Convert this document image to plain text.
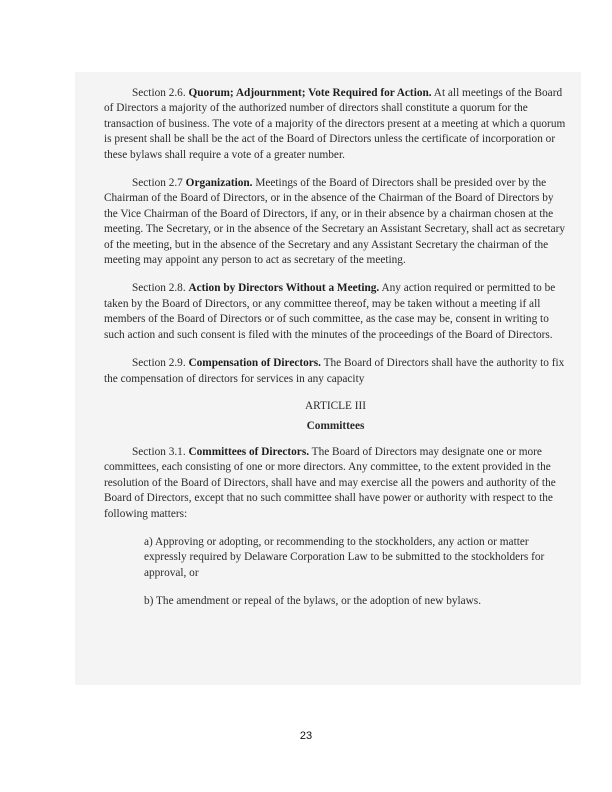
Section 2.6. Quorum; Adjournment; Vote Required for Action. At all meetings of the Board of Directors a majority of the authorized number of directors shall constitute a quorum for the transaction of business. The vote of a majority of the directors present at a meeting at which a quorum is present shall be shall be the act of the Board of Directors unless the certificate of incorporation or these bylaws shall require a vote of a greater number.

Section 2.7 Organization. Meetings of the Board of Directors shall be presided over by the Chairman of the Board of Directors, or in the absence of the Chairman of the Board of Directors by the Vice Chairman of the Board of Directors, if any, or in their absence by a chairman chosen at the meeting. The Secretary, or in the absence of the Secretary an Assistant Secretary, shall act as secretary of the meeting, but in the absence of the Secretary and any Assistant Secretary the chairman of the meeting may appoint any person to act as secretary of the meeting.

Section 2.8. Action by Directors Without a Meeting. Any action required or permitted to be taken by the Board of Directors, or any committee thereof, may be taken without a meeting if all members of the Board of Directors or of such committee, as the case may be, consent in writing to such action and such consent is filed with the minutes of the proceedings of the Board of Directors.

Section 2.9. Compensation of Directors. The Board of Directors shall have the authority to fix the compensation of directors for services in any capacity

ARTICLE III

Committees

Section 3.1. Committees of Directors. The Board of Directors may designate one or more committees, each consisting of one or more directors. Any committee, to the extent provided in the resolution of the Board of Directors, shall have and may exercise all the powers and authority of the Board of Directors, except that no such committee shall have power or authority with respect to the following matters:

a) Approving or adopting, or recommending to the stockholders, any action or matter expressly required by Delaware Corporation Law to be submitted to the stockholders for approval, or

b) The amendment or repeal of the bylaws, or the adoption of new bylaws.

23
